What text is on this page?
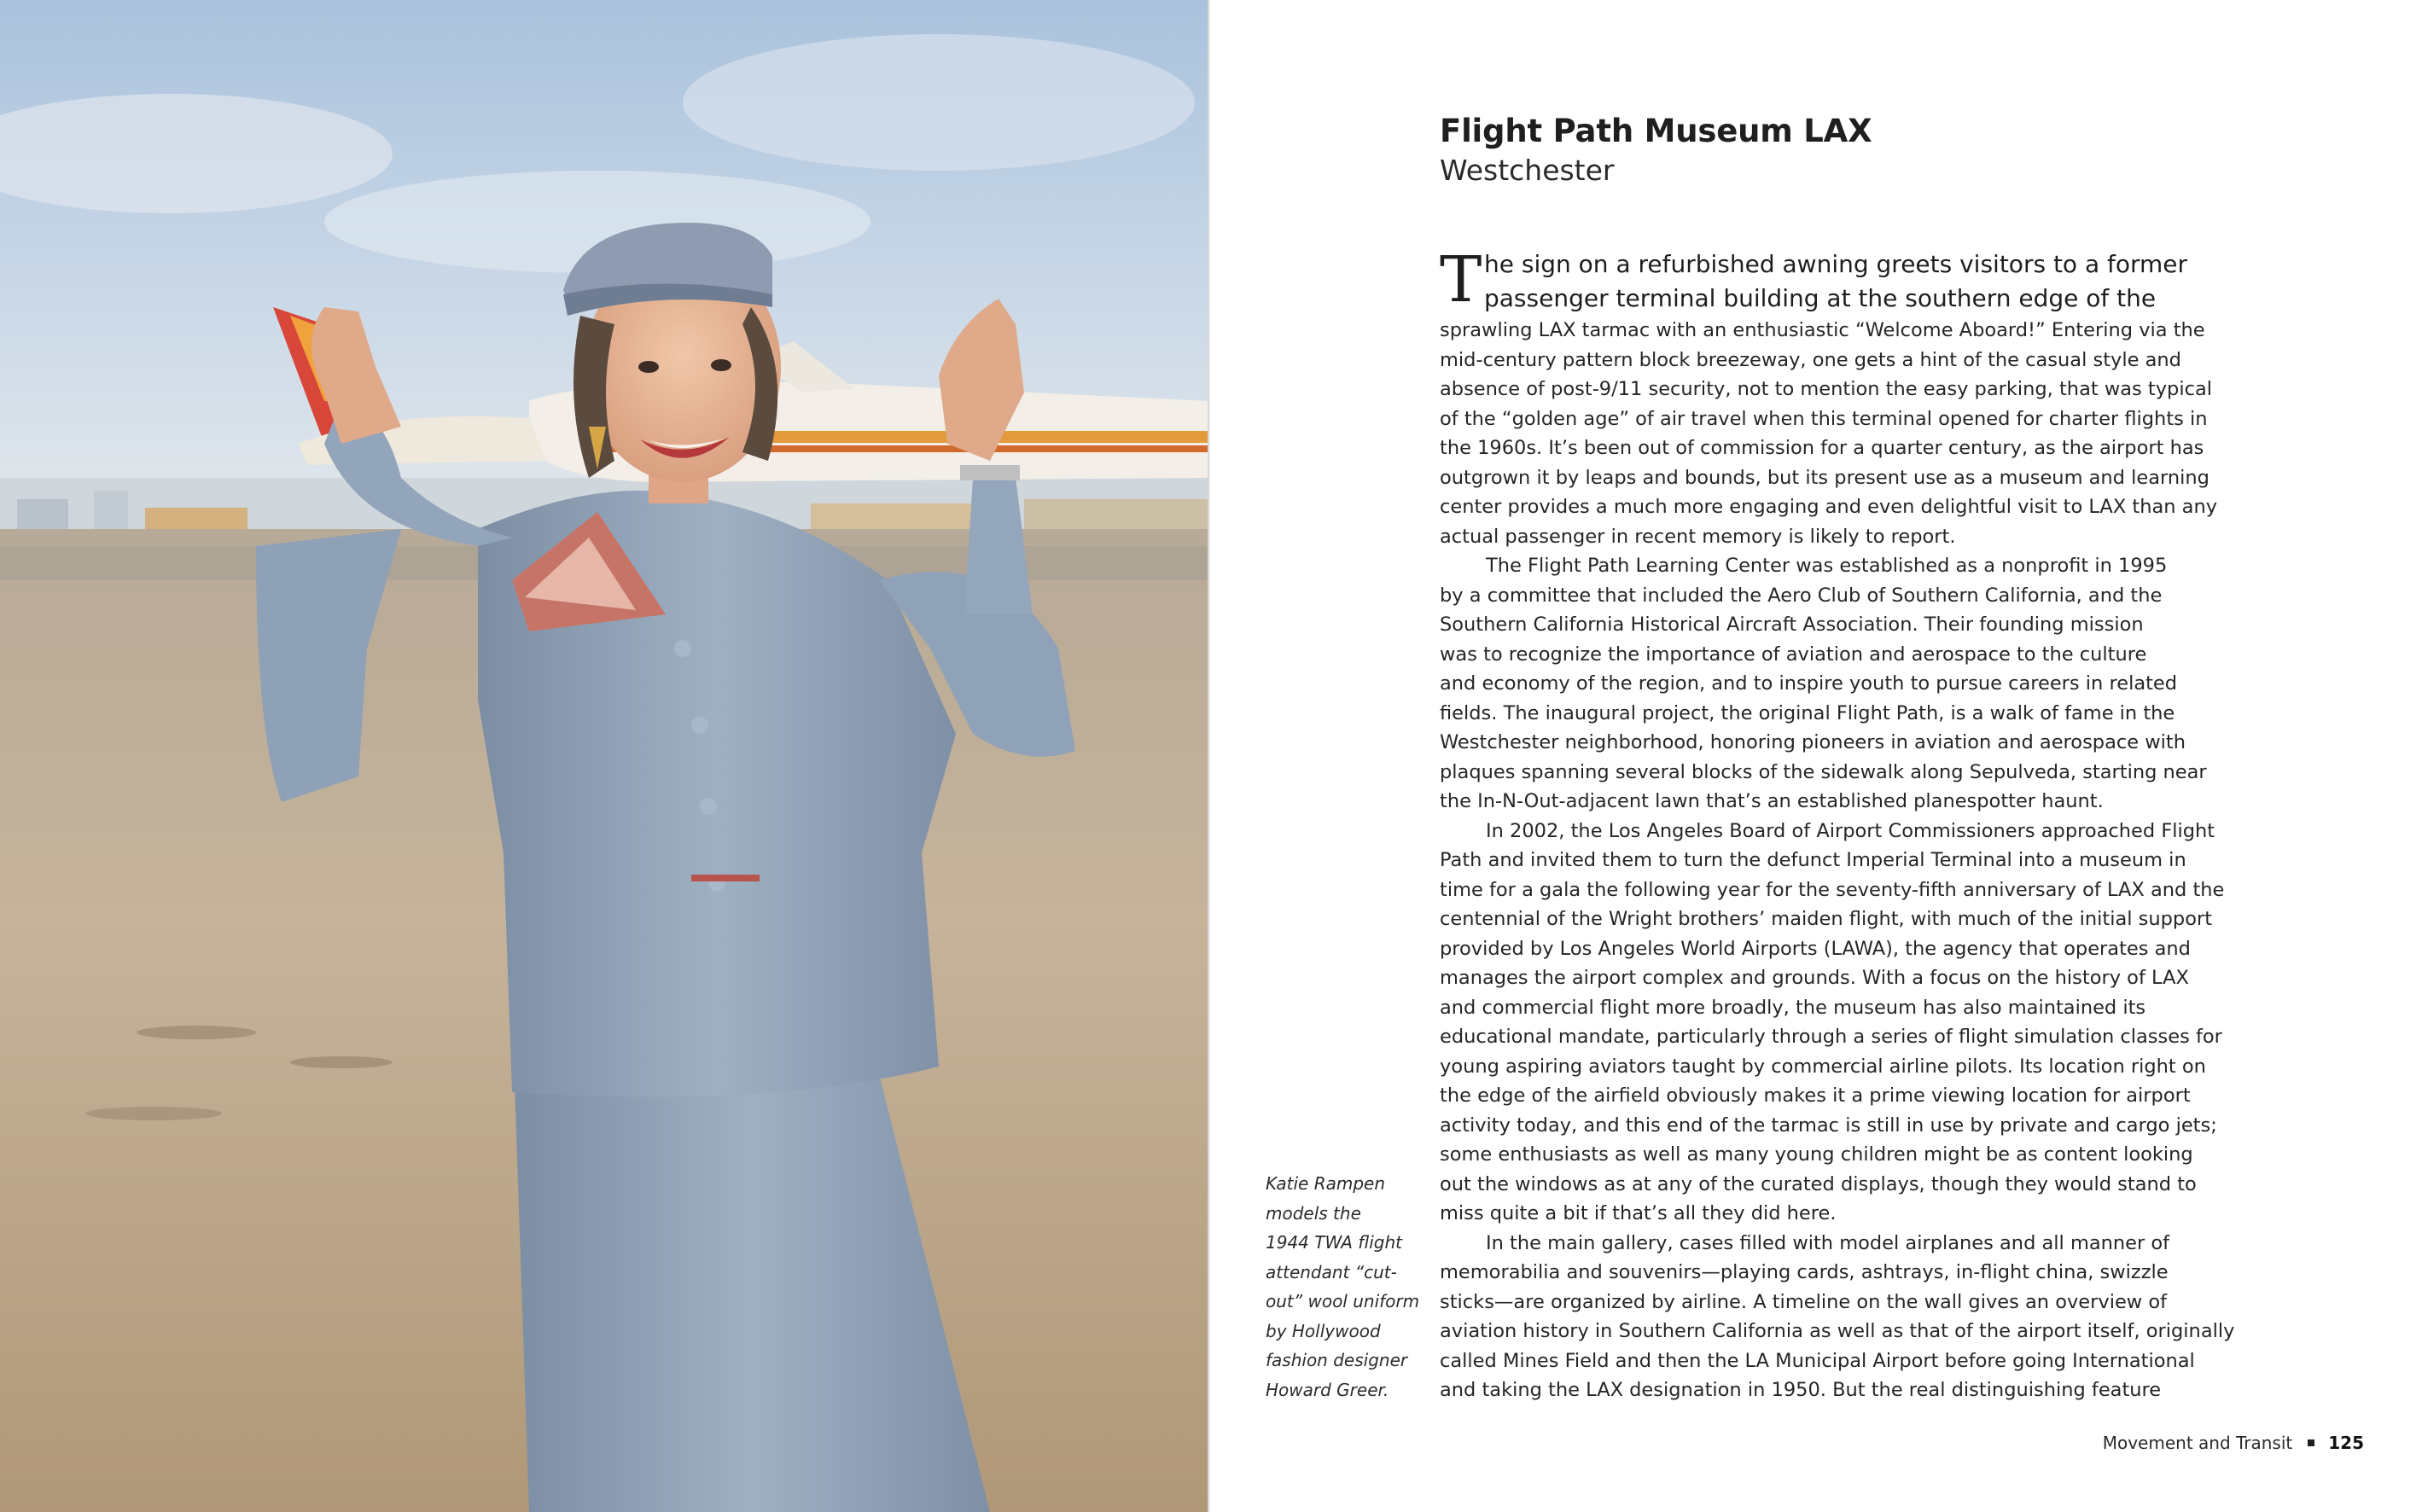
Flight Path Museum LAX
Westchester
T he sign on a refurbished awning greets visitors to a former
passenger terminal building at the southern edge of the
sprawling LAX tarmac with an enthusiastic “Welcome Aboard!” Entering via the
mid-century pattern block breezeway, one gets a hint of the casual style and
absence of post-9/11 security, not to mention the easy parking, that was typical
of the “golden age” of air travel when this terminal opened for charter flights in
the 1960s. It’s been out of commission for a quarter century, as the airport has
outgrown it by leaps and bounds, but its present use as a museum and learning
center provides a much more engaging and even delightful visit to LAX than any
actual passenger in recent memory is likely to report.
The Flight Path Learning Center was established as a nonprofit in 1995
by a committee that included the Aero Club of Southern California, and the
Southern California Historical Aircraft Association. Their founding mission
was to recognize the importance of aviation and aerospace to the culture
and economy of the region, and to inspire youth to pursue careers in related
fields. The inaugural project, the original Flight Path, is a walk of fame in the
Westchester neighborhood, honoring pioneers in aviation and aerospace with
plaques spanning several blocks of the sidewalk along Sepulveda, starting near
the In-N-Out-adjacent lawn that’s an established planespotter haunt.
In 2002, the Los Angeles Board of Airport Commissioners approached Flight
Path and invited them to turn the defunct Imperial Terminal into a museum in
time for a gala the following year for the seventy-fifth anniversary of LAX and the
centennial of the Wright brothers’ maiden flight, with much of the initial support
provided by Los Angeles World Airports (LAWA), the agency that operates and
manages the airport complex and grounds. With a focus on the history of LAX
and commercial flight more broadly, the museum has also maintained its
educational mandate, particularly through a series of flight simulation classes for
young aspiring aviators taught by commercial airline pilots. Its location right on
the edge of the airfield obviously makes it a prime viewing location for airport
activity today, and this end of the tarmac is still in use by private and cargo jets;
some enthusiasts as well as many young children might be as content looking
out the windows as at any of the curated displays, though they would stand to
miss quite a bit if that’s all they did here.
In the main gallery, cases filled with model airplanes and all manner of
memorabilia and souvenirs—playing cards, ashtrays, in-flight china, swizzle
sticks—are organized by airline. A timeline on the wall gives an overview of
aviation history in Southern California as well as that of the airport itself, originally
called Mines Field and then the LA Municipal Airport before going International
and taking the LAX designation in 1950. But the real distinguishing feature
Katie Rampen
models the
1944 TWA flight
attendant “cut-
out” wool uniform
by Hollywood
fashion designer
Howard Greer.
Movement and Transit 125
